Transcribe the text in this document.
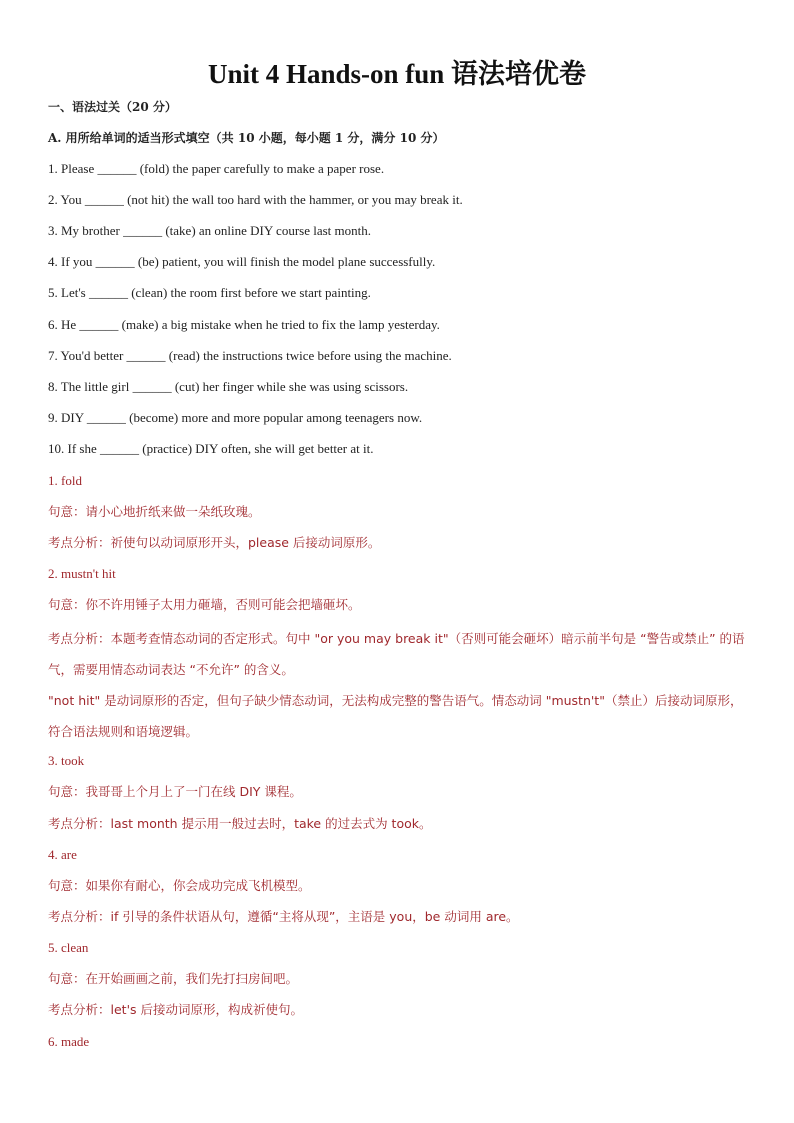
Unit 4 Hands-on fun 语法培优卷
一、语法过关（20 分）
A. 用所给单词的适当形式填空（共 10 小题，每小题 1 分，满分 10 分）
1. Please ______ (fold) the paper carefully to make a paper rose.
2. You ______ (not hit) the wall too hard with the hammer, or you may break it.
3. My brother ______ (take) an online DIY course last month.
4. If you ______ (be) patient, you will finish the model plane successfully.
5. Let's ______ (clean) the room first before we start painting.
6. He ______ (make) a big mistake when he tried to fix the lamp yesterday.
7. You'd better ______ (read) the instructions twice before using the machine.
8. The little girl ______ (cut) her finger while she was using scissors.
9. DIY ______ (become) more and more popular among teenagers now.
10. If she ______ (practice) DIY often, she will get better at it.
1. fold
句意：请小心地折纸来做一朵纸玫瑰。
考点分析：祈使句以动词原形开头，please 后接动词原形。
2. mustn't hit
句意：你不许用锤子太用力砸墙，否则可能会把墙砸坏。
考点分析：本题考查情态动词的否定形式。句中 "or you may break it"（否则可能会砸坏）暗示前半句是 “警告或禁止” 的语气，需要用情态动词表达 “不允许” 的含义。
"not hit" 是动词原形的否定，但句子缺少情态动词，无法构成完整的警告语气。情态动词 "mustn't"（禁止）后接动词原形，符合语法规则和语境逻辑。
3. took
句意：我哥哥上个月上了一门在线 DIY 课程。
考点分析：last month 提示用一般过去时，take 的过去式为 took。
4. are
句意：如果你有耐心，你会成功完成飞机模型。
考点分析：if 引导的条件状语从句，遵循“主将从现”，主语是 you，be 动词用 are。
5. clean
句意：在开始画画之前，我们先打扫房间吧。
考点分析：let's 后接动词原形，构成祈使句。
6. made
